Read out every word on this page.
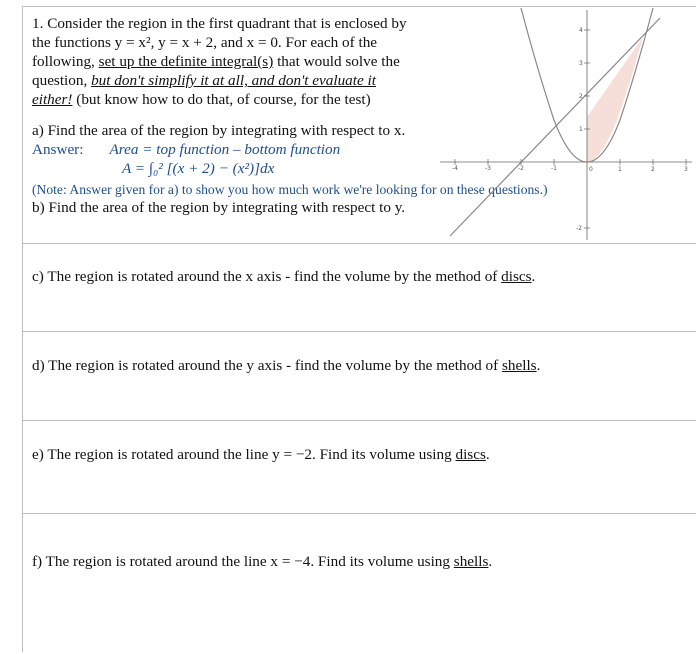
1. Consider the region in the first quadrant that is enclosed by
the functions y = x², y = x + 2, and x = 0. For each of the
following, set up the definite integral(s) that would solve the
question, but don't simplify it at all, and don't evaluate it
either! (but know how to do that, of course, for the test)
a) Find the area of the region by integrating with respect to x.
Answer: Area = top function – bottom function
A = ∫₀² [(x + 2) − (x²)]dx
(Note: Answer given for a) to show you how much work we're looking for on these questions.)
b) Find the area of the region by integrating with respect to y.
c) The region is rotated around the x axis - find the volume by the method of discs.
d) The region is rotated around the y axis - find the volume by the method of shells.
e) The region is rotated around the line y = −2. Find its volume using discs.
f) The region is rotated around the line x = −4. Find its volume using shells.
-4	-3	-2	-1	0	1	2	3
4
3
2
1
-2
